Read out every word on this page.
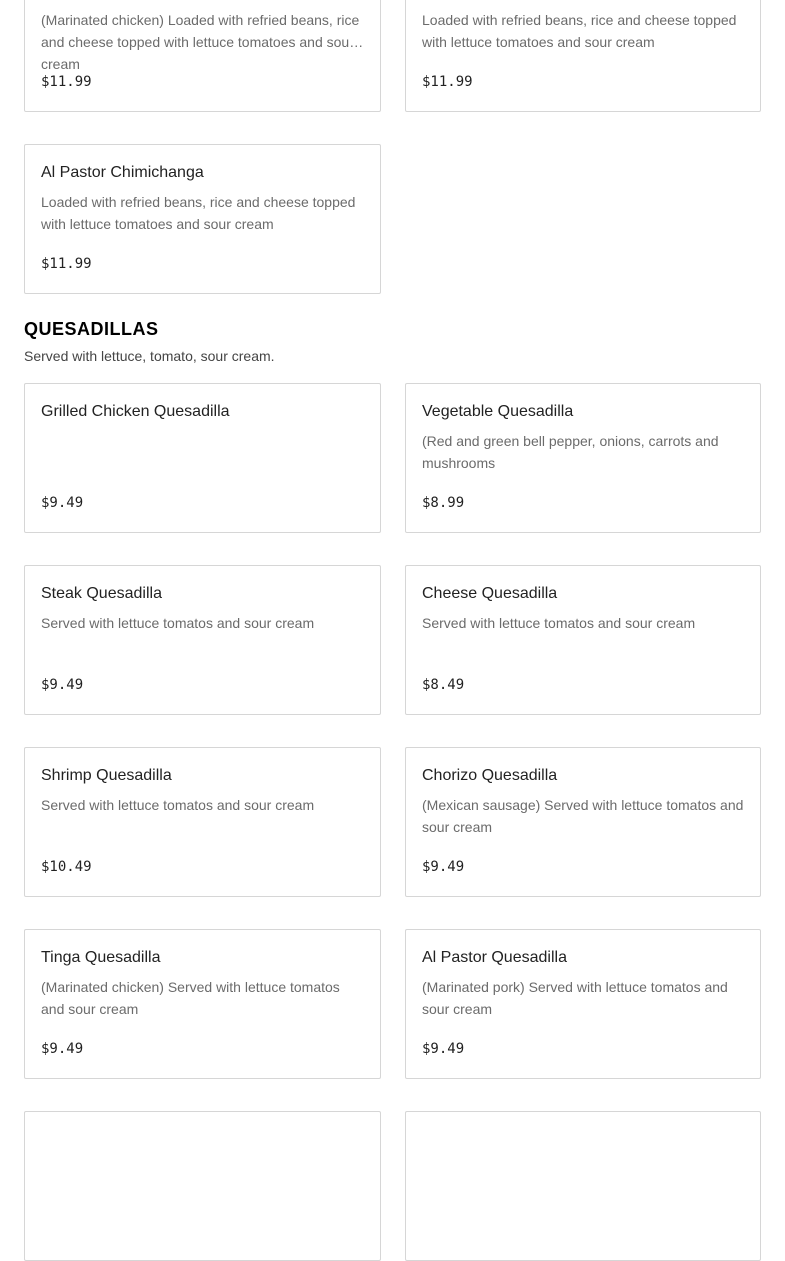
(Marinated chicken) Loaded with refried beans, rice and cheese topped with lettuce tomatoes and sour cream
$11.99
Loaded with refried beans, rice and cheese topped with lettuce tomatoes and sour cream
$11.99
Al Pastor Chimichanga
Loaded with refried beans, rice and cheese topped with lettuce tomatoes and sour cream
$11.99
QUESADILLAS

Served with lettuce, tomato, sour cream.

Grilled Chicken Quesadilla
$9.49
Vegetable Quesadilla
(Red and green bell pepper, onions, carrots and mushrooms
$8.99
Steak Quesadilla
Served with lettuce tomatos and sour cream
$9.49
Cheese Quesadilla
Served with lettuce tomatos and sour cream
$8.49
Shrimp Quesadilla
Served with lettuce tomatos and sour cream
$10.49
Chorizo Quesadilla
(Mexican sausage) Served with lettuce tomatos and sour cream
$9.49
Tinga Quesadilla
(Marinated chicken) Served with lettuce tomatos and sour cream
$9.49
Al Pastor Quesadilla
(Marinated pork) Served with lettuce tomatos and sour cream
$9.49
